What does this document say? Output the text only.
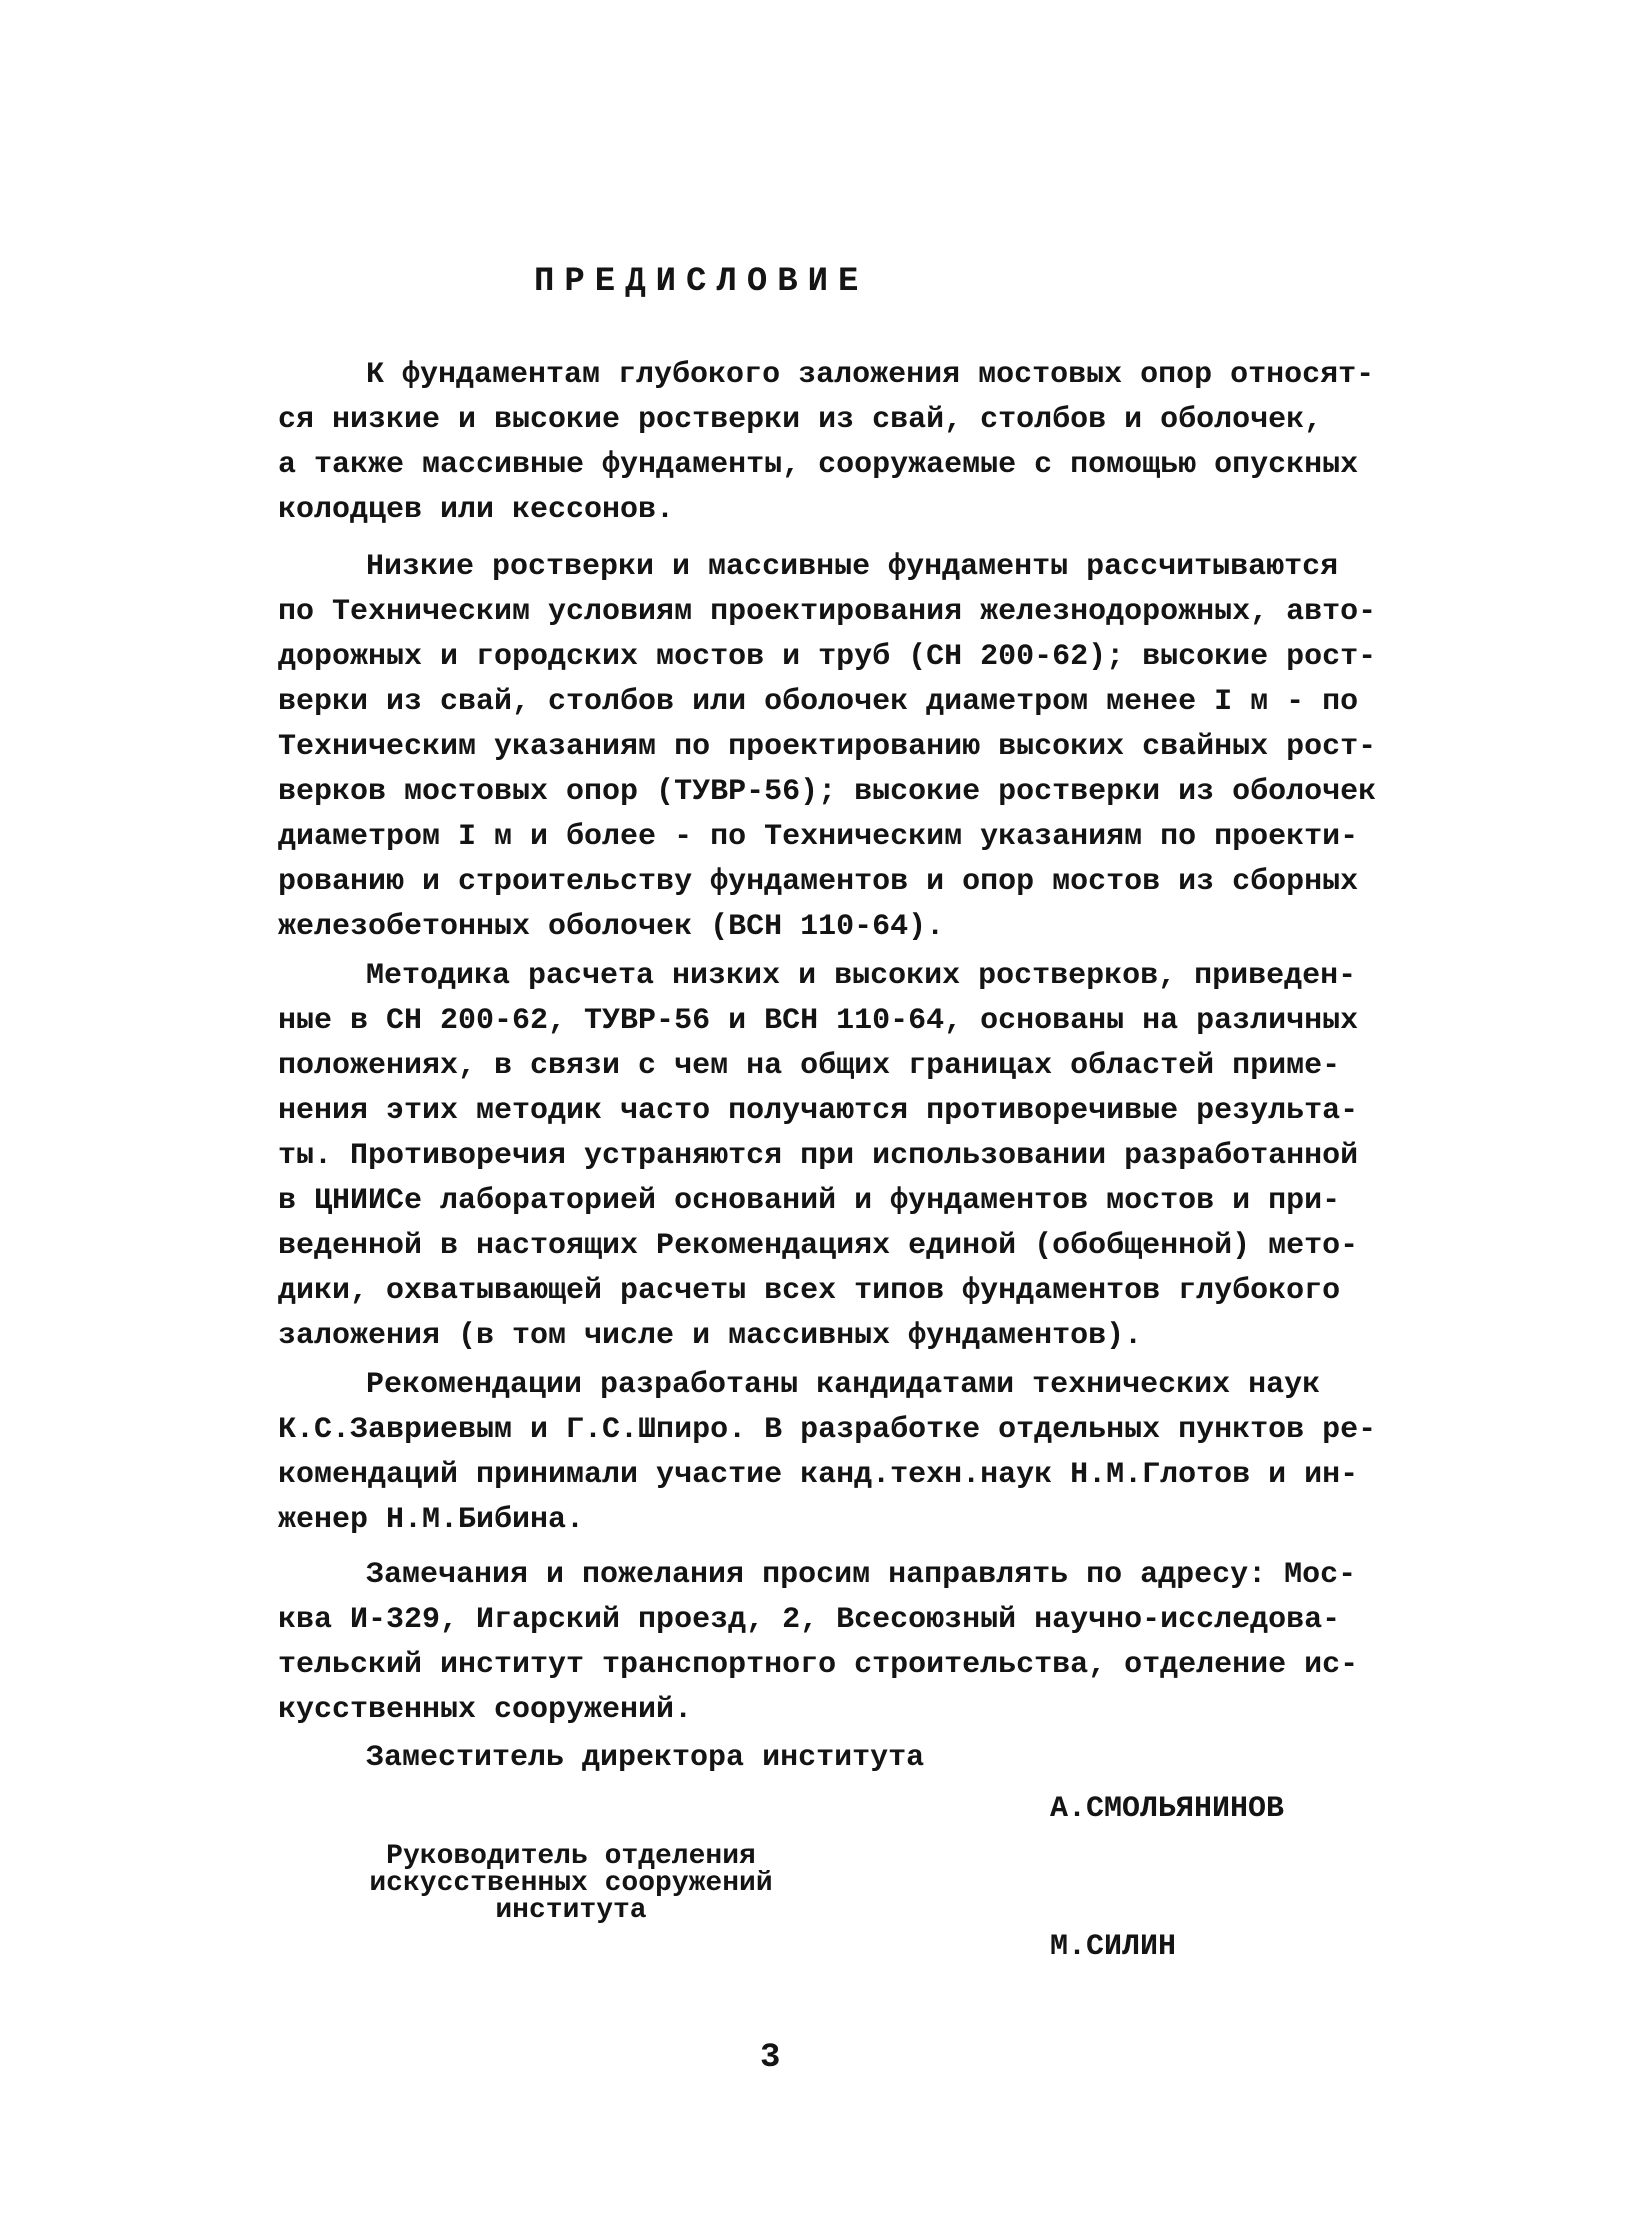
ПРЕДИСЛОВИЕ

К фундаментам глубокого заложения мостовых опор относят-
ся низкие и высокие ростверки из свай, столбов и оболочек,
а также массивные фундаменты, сооружаемые с помощью опускных
колодцев или кессонов.

Низкие ростверки и массивные фундаменты рассчитываются
по Техническим условиям проектирования железнодорожных, авто-
дорожных и городских мостов и труб (СН 200-62); высокие рост-
верки из свай, столбов или оболочек диаметром менее I м - по
Техническим указаниям по проектированию высоких свайных рост-
верков мостовых опор (ТУВР-56); высокие ростверки из оболочек
диаметром I м и более - по Техническим указаниям по проекти-
рованию и строительству фундаментов и опор мостов из сборных
железобетонных оболочек (ВСН 110-64).

Методика расчета низких и высоких ростверков, приведен-
ные в СН 200-62, ТУВР-56 и ВСН 110-64, основаны на различных
положениях, в связи с чем на общих границах областей приме-
нения этих методик часто получаются противоречивые результа-
ты. Противоречия устраняются при использовании разработанной
в ЦНИИСе лабораторией оснований и фундаментов мостов и при-
веденной в настоящих Рекомендациях единой (обобщенной) мето-
дики, охватывающей расчеты всех типов фундаментов глубокого
заложения (в том числе и массивных фундаментов).

Рекомендации разработаны кандидатами технических наук
К.С.Завриевым и Г.С.Шпиро. В разработке отдельных пунктов ре-
комендаций принимали участие канд.техн.наук Н.М.Глотов и ин-
женер Н.М.Бибина.

Замечания и пожелания просим направлять по адресу: Мос-
ква И-329, Игарский проезд, 2, Всесоюзный научно-исследова-
тельский институт транспортного строительства, отделение ис-
кусственных сооружений.

Заместитель директора института
А.СМОЛЬЯНИНОВ
Руководитель отделения
искусственных сооружений
института
М.СИЛИН
3
